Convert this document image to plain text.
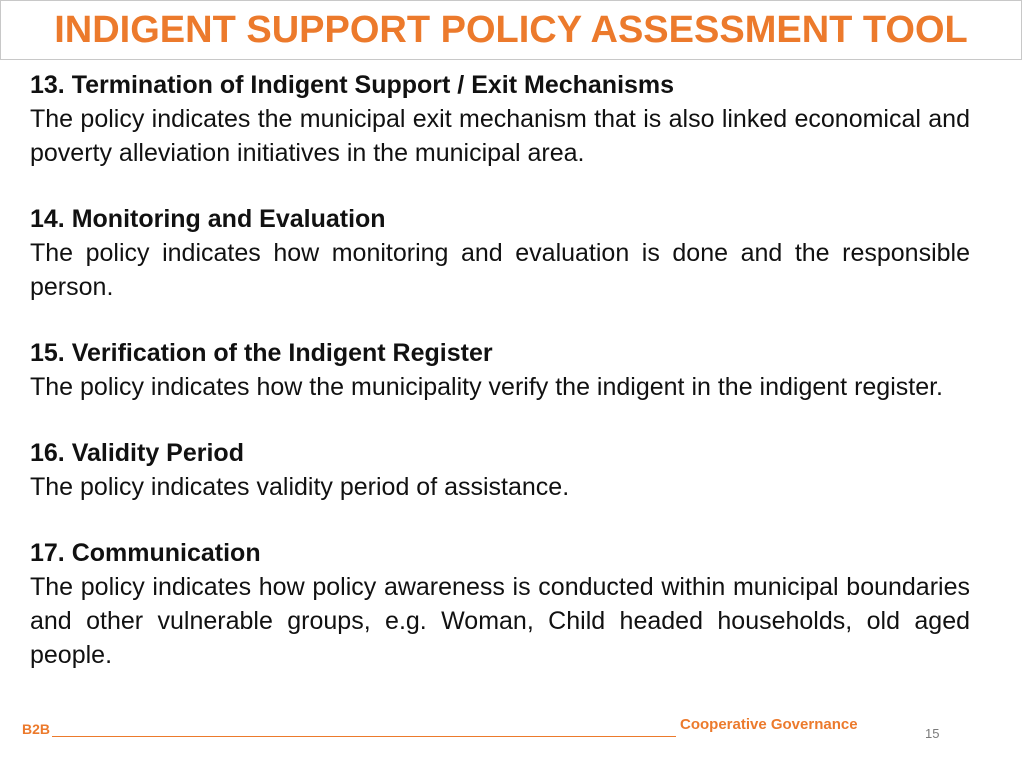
INDIGENT SUPPORT POLICY ASSESSMENT TOOL

13. Termination of Indigent Support / Exit Mechanisms

The policy indicates the municipal exit mechanism that is also linked economical and poverty alleviation initiatives in the municipal area.

14. Monitoring and Evaluation

The policy indicates how monitoring and evaluation is done and the responsible person.

15. Verification of the Indigent Register

The policy indicates how the municipality verify the indigent in the indigent register.

16. Validity Period

The policy indicates validity period of assistance.

17. Communication

The policy indicates how policy awareness is conducted within municipal boundaries and other vulnerable groups, e.g. Woman, Child headed households, old aged people.

B2B	Cooperative Governance
15
